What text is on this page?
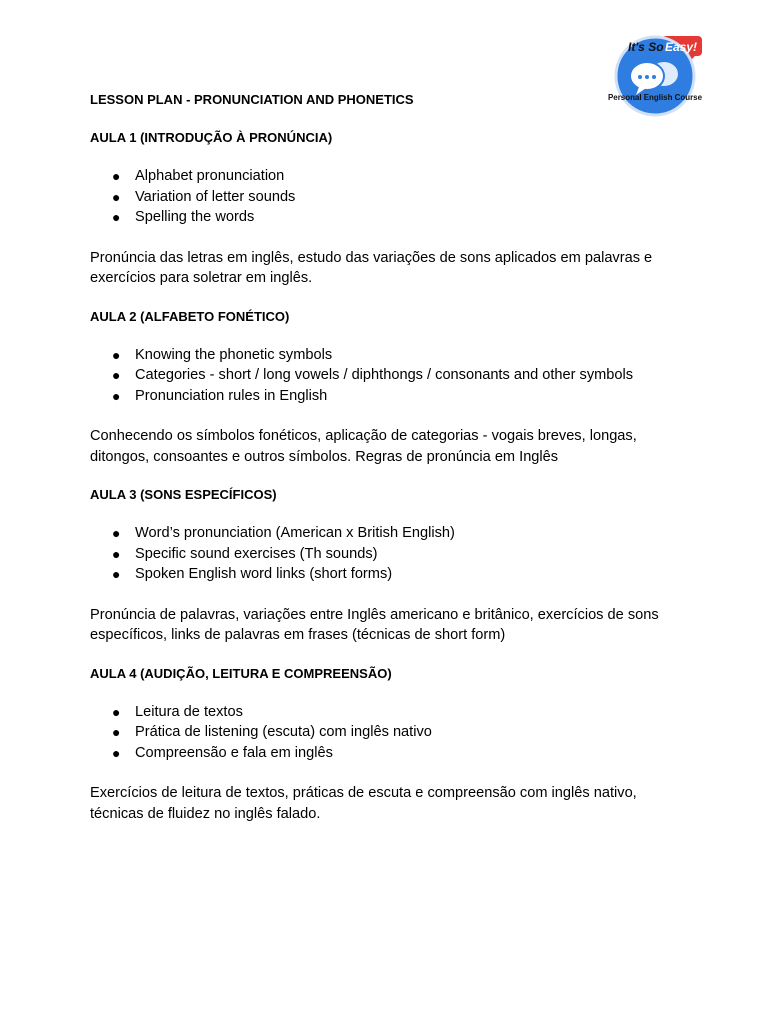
It's So Easy!
Personal English Course

LESSON PLAN - PRONUNCIATION AND PHONETICS

AULA 1 (INTRODUÇÃO À PRONÚNCIA)

● Alphabet pronunciation
● Variation of letter sounds
● Spelling the words

Pronúncia das letras em inglês, estudo das variações de sons aplicados em palavras e exercícios para soletrar em inglês.

AULA 2 (ALFABETO FONÉTICO)

● Knowing the phonetic symbols
● Categories - short / long vowels / diphthongs / consonants and other symbols
● Pronunciation rules in English

Conhecendo os símbolos fonéticos, aplicação de categorias - vogais breves, longas, ditongos, consoantes e outros símbolos. Regras de pronúncia em Inglês

AULA 3 (SONS ESPECÍFICOS)

● Word’s pronunciation (American x British English)
● Specific sound exercises (Th sounds)
● Spoken English word links (short forms)

Pronúncia de palavras, variações entre Inglês americano e britânico, exercícios de sons específicos, links de palavras em frases (técnicas de short form)

AULA 4 (AUDIÇÃO, LEITURA E COMPREENSÃO)

● Leitura de textos
● Prática de listening (escuta) com inglês nativo
● Compreensão e fala em inglês

Exercícios de leitura de textos, práticas de escuta e compreensão com inglês nativo, técnicas de fluidez no inglês falado.
